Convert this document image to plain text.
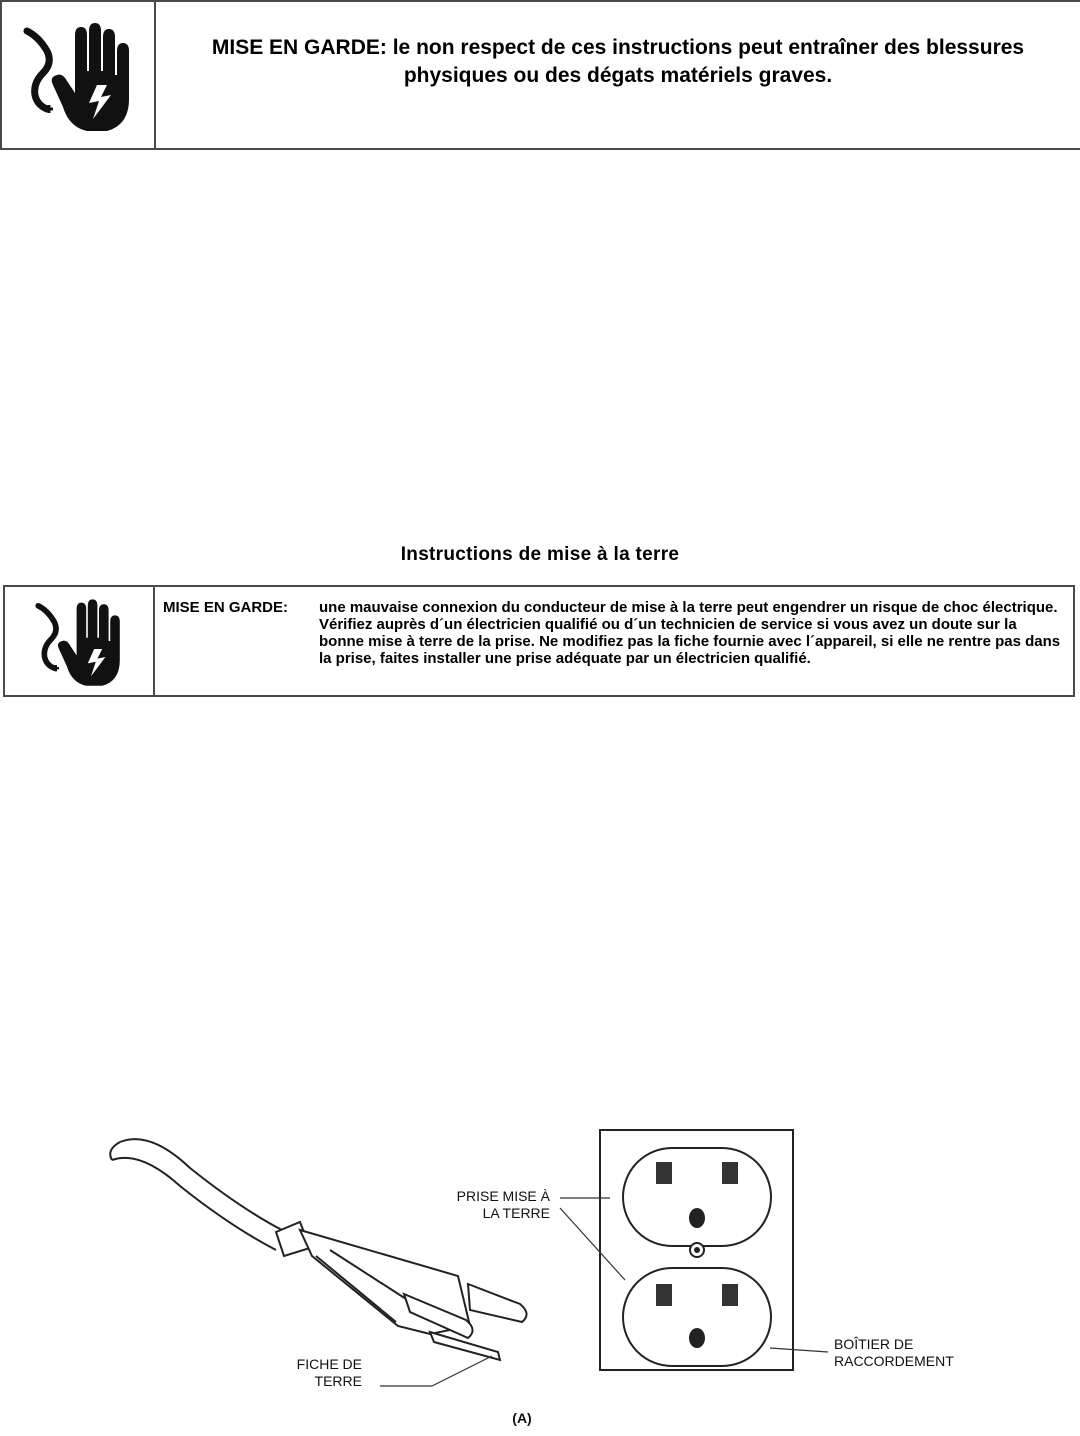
MISE EN GARDE: le non respect de ces instructions peut entraîner des blessures physiques ou des dégats matériels graves.
Instructions de mise à la terre
MISE EN GARDE: une mauvaise connexion du conducteur de mise à la terre peut engendrer un risque de choc électrique. Vérifiez auprès d´un électricien qualifié ou d´un technicien de service si vous avez un doute sur la bonne mise à terre de la prise. Ne modifiez pas la fiche fournie avec l´appareil, si elle ne rentre pas dans la prise, faites installer une prise adéquate par un électricien qualifié.
PRISE MISE À
LA TERRE
BOÎTIER DE
RACCORDEMENT
FICHE DE
TERRE
(A)
